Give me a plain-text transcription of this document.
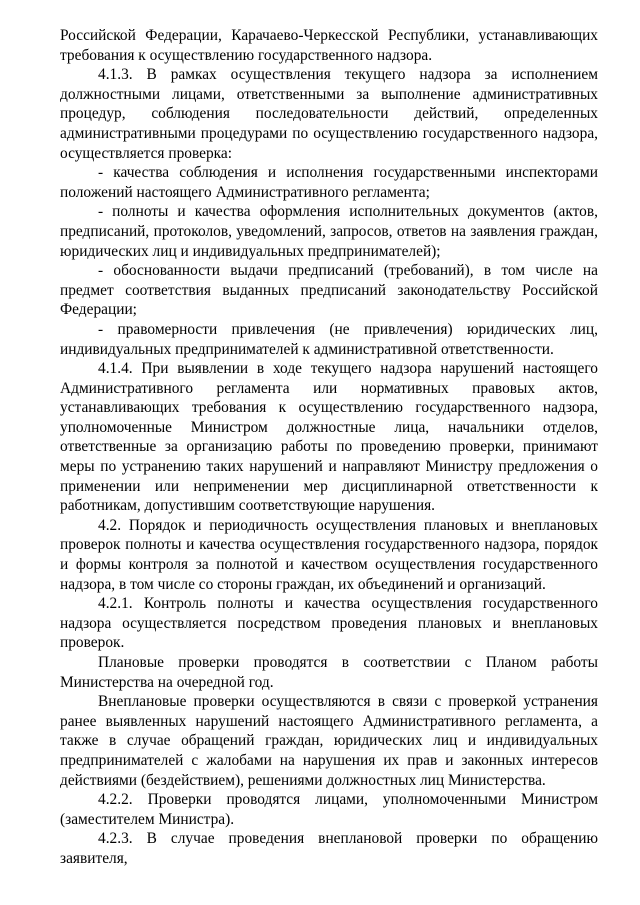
Российской Федерации, Карачаево-Черкесской Республики, устанавливающих требования к осуществлению государственного надзора.

4.1.3. В рамках осуществления текущего надзора за исполнением должностными лицами, ответственными за выполнение административных процедур, соблюдения последовательности действий, определенных административными процедурами по осуществлению государственного надзора, осуществляется проверка:

- качества соблюдения и исполнения государственными инспекторами положений настоящего Административного регламента;

- полноты и качества оформления исполнительных документов (актов, предписаний, протоколов, уведомлений, запросов, ответов на заявления граждан, юридических лиц и индивидуальных предпринимателей);

- обоснованности выдачи предписаний (требований), в том числе на предмет соответствия выданных предписаний законодательству Российской Федерации;

- правомерности привлечения (не привлечения) юридических лиц, индивидуальных предпринимателей к административной ответственности.

4.1.4. При выявлении в ходе текущего надзора нарушений настоящего Административного регламента или нормативных правовых актов, устанавливающих требования к осуществлению государственного надзора, уполномоченные Министром должностные лица, начальники отделов, ответственные за организацию работы по проведению проверки, принимают меры по устранению таких нарушений и направляют Министру предложения о применении или неприменении мер дисциплинарной ответственности к работникам, допустившим соответствующие нарушения.

4.2. Порядок и периодичность осуществления плановых и внеплановых проверок полноты и качества осуществления государственного надзора, порядок и формы контроля за полнотой и качеством осуществления государственного надзора, в том числе со стороны граждан, их объединений и организаций.

4.2.1. Контроль полноты и качества осуществления государственного надзора осуществляется посредством проведения плановых и внеплановых проверок.

Плановые проверки проводятся в соответствии с Планом работы Министерства на очередной год.

Внеплановые проверки осуществляются в связи с проверкой устранения ранее выявленных нарушений настоящего Административного регламента, а также в случае обращений граждан, юридических лиц и индивидуальных предпринимателей с жалобами на нарушения их прав и законных интересов действиями (бездействием), решениями должностных лиц Министерства.

4.2.2. Проверки проводятся лицами, уполномоченными Министром (заместителем Министра).

4.2.3. В случае проведения внеплановой проверки по обращению заявителя,
